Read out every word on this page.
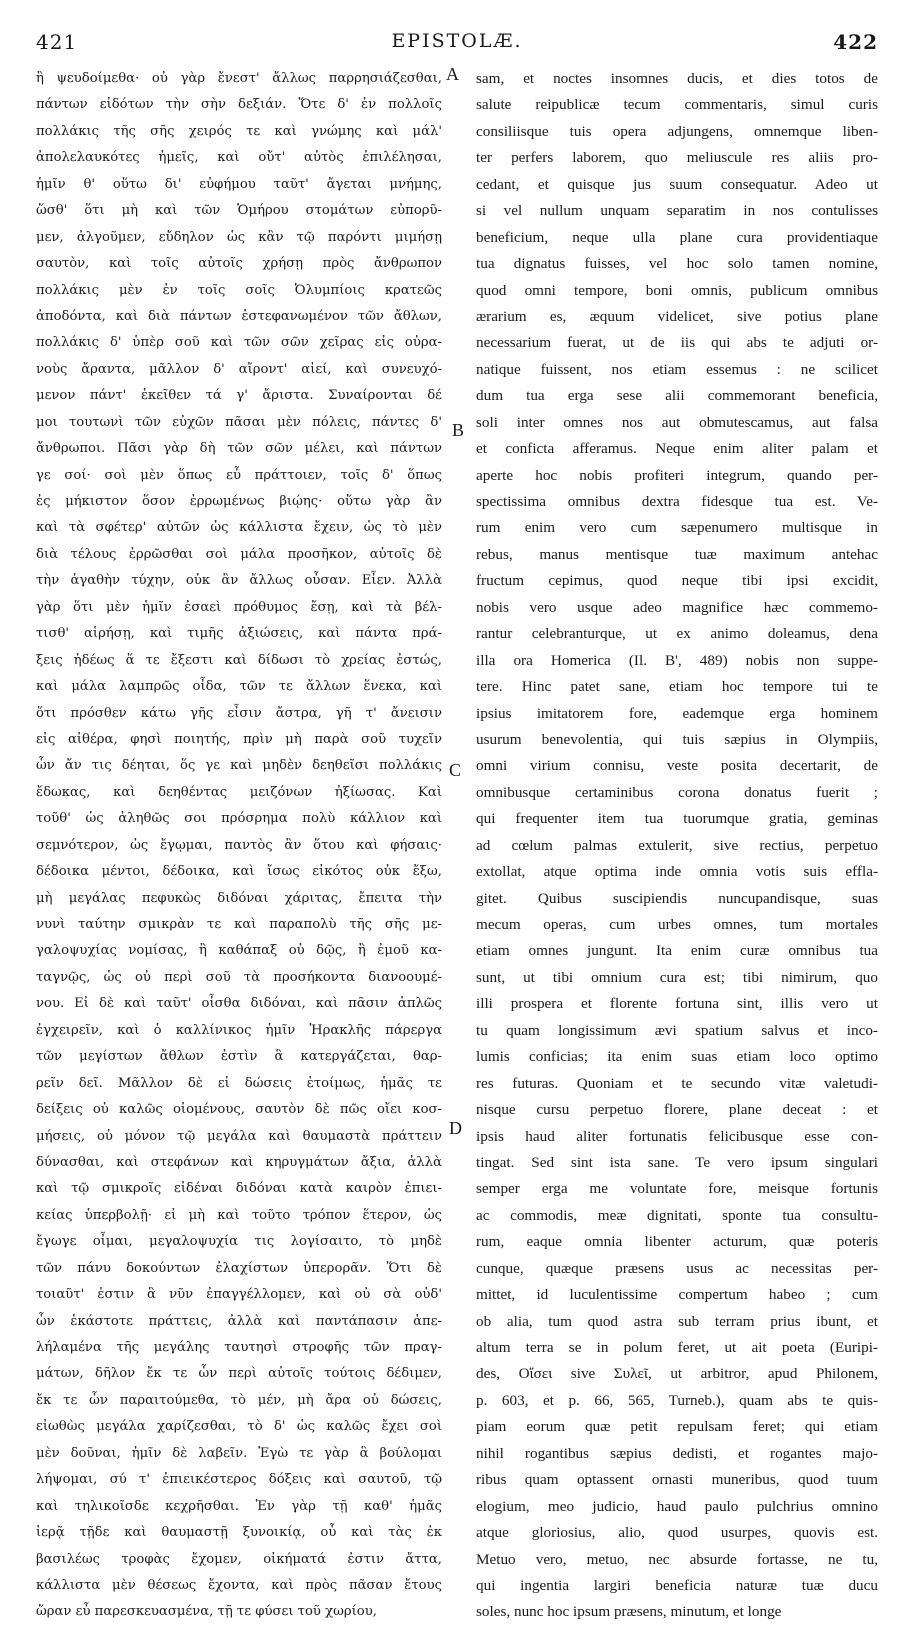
421	EPISTOLÆ.	422
ἢ ψευδοίμεθα· οὐ γὰρ ἔνεστ' ἄλλως παρρησιάζεσθαι,
πάντων εἰδότων τὴν σὴν δεξιάν. Ὅτε δ' ἐν πολλοῖς
πολλάκις τῆς σῆς χειρός τε καὶ γνώμης καὶ μάλ'
ἀπολελαυκότες ἡμεῖς, καὶ οὔτ' αὐτὸς ἐπιλέλησαι,
ἡμῖν θ' οὕτω δι' εὐφήμου ταῦτ' ἄγεται μνήμης,
ὥσθ' ὅτι μὴ καὶ τῶν Ὁμήρου στομάτων εὐπορῦ-
μεν, ἀλγοῦμεν, εὔδηλον ὡς κἂν τῷ παρόντι μιμήσῃ
σαυτὸν, καὶ τοῖς αὐτοῖς χρήσῃ πρὸς ἄνθρωπον
πολλάκις μὲν ἐν τοῖς σοῖς Ὀλυμπίοις κρατεῶς
ἀποδόντα, καὶ διὰ πάντων ἐστεφανωμένον τῶν ἄθλων,
πολλάκις δ' ὑπὲρ σοῦ καὶ τῶν σῶν χεῖρας εἰς οὐρα-
νοὺς ἄραντα, μᾶλλον δ' αἴροντ' αἰεί, καὶ συνευχό-
μενον πάντ' ἐκεῖθεν τά γ' ἄριστα. Συναίρονται δέ
μοι τουτωνὶ τῶν εὐχῶν πᾶσαι μὲν πόλεις, πάντες δ'
ἄνθρωποι. Πᾶσι γὰρ δὴ τῶν σῶν μέλει, καὶ πάντων
γε σοί· σοὶ μὲν ὅπως εὖ πράττοιεν, τοῖς δ' ὅπως
ἐς μήκιστον ὅσον ἐρρωμένως βιῴης· οὕτω γὰρ ἂν
καὶ τὰ σφέτερ' αὐτῶν ὡς κάλλιστα ἔχειν, ὡς τὸ μὲν
διὰ τέλους ἐρρῶσθαι σοὶ μάλα προσῆκον, αὐτοῖς δὲ
τὴν ἀγαθὴν τύχην, οὐκ ἂν ἄλλως οὖσαν. Εἶεν. Ἀλλὰ
γὰρ ὅτι μὲν ἡμῖν ἐσαεὶ πρόθυμος ἔσῃ, καὶ τὰ βέλ-
τισθ' αἱρήσῃ, καὶ τιμῆς ἀξιώσεις, καὶ πάντα πρά-
ξεις ἡδέως ἅ τε ἔξεστι καὶ δίδωσι τὸ χρείας ἐστώς,
καὶ μάλα λαμπρῶς οἶδα, τῶν τε ἄλλων ἕνεκα, καὶ
ὅτι πρόσθεν κάτω γῆς εἶσιν ἄστρα, γῆ τ' ἄνεισιν
εἰς αἰθέρα, φησὶ ποιητής, πρὶν μὴ παρὰ σοῦ τυχεῖν
ὧν ἄν τις δέηται, ὅς γε καὶ μηδὲν δεηθεῖσι πολλάκις
ἔδωκας, καὶ δεηθέντας μειζόνων ἠξίωσας. Καὶ
τοῦθ' ὡς ἀληθῶς σοι πρόσρημα πολὺ κάλλιον καὶ
σεμνότερον, ὡς ἔγῳμαι, παντὸς ἂν ὅτου καὶ φήσαις·
δέδοικα μέντοι, δέδοικα, καὶ ἴσως εἰκότος οὐκ ἔξω,
μὴ μεγάλας πεφυκὼς διδόναι χάριτας, ἔπειτα τὴν
νυνὶ ταύτην σμικρὰν τε καὶ παραπολὺ τῆς σῆς με-
γαλοψυχίας νομίσας, ἢ καθάπαξ οὐ δῷς, ἢ ἐμοῦ κα-
ταγνῷς, ὡς οὐ περὶ σοῦ τὰ προσήκοντα διανοουμέ-
νου. Εἰ δὲ καὶ ταῦτ' οἶσθα διδόναι, καὶ πᾶσιν ἀπλῶς
ἐγχειρεῖν, καὶ ὁ καλλίνικος ἡμῖν Ἡρακλῆς πάρεργα
τῶν μεγίστων ἄθλων ἐστὶν ἃ κατεργάζεται, θαρ-
ρεῖν δεῖ. Μᾶλλον δὲ εἰ δώσεις ἑτοίμως, ἡμᾶς τε
δείξεις οὐ καλῶς οἰομένους, σαυτὸν δὲ πῶς οἴει κοσ-
μήσεις, οὐ μόνον τῷ μεγάλα καὶ θαυμαστὰ πράττειν
δύνασθαι, καὶ στεφάνων καὶ κηρυγμάτων ἄξια, ἀλλὰ
καὶ τῷ σμικροῖς εἰδέναι διδόναι κατὰ καιρὸν ἐπιει-
κείας ὑπερβολῇ· εἰ μὴ καὶ τοῦτο τρόπον ἕτερον, ὡς
ἔγωγε οἶμαι, μεγαλοψυχία τις λογίσαιτο, τὸ μηδὲ
τῶν πάνυ δοκούντων ἐλαχίστων ὑπερορᾶν. Ὅτι δὲ
τοιαῦτ' ἐστιν ἃ νῦν ἐπαγγέλλομεν, καὶ οὐ σὰ οὐδ'
ὧν ἑκάστοτε πράττεις, ἀλλὰ καὶ παντάπασιν ἀπε-
λήλαμένα τῆς μεγάλης ταυτησὶ στροφῆς τῶν πραγ-
μάτων, δῆλον ἔκ τε ὧν περὶ αὐτοῖς τούτοις δέδιμεν,
ἔκ τε ὧν παραιτούμεθα, τὸ μέν, μὴ ἄρα οὐ δώσεις,
εἰωθὼς μεγάλα χαρίζεσθαι, τὸ δ' ὡς καλῶς ἔχει σοὶ
μὲν δοῦναι, ἡμῖν δὲ λαβεῖν. Ἐγὼ τε γὰρ ἃ βούλομαι
λήψομαι, σύ τ' ἐπιεικέστερος δόξεις καὶ σαυτοῦ, τῷ
καὶ τηλικοῖσδε κεχρῆσθαι. Ἐν γὰρ τῇ καθ' ἡμᾶς
ἱερᾷ τῇδε καὶ θαυμαστῇ ξυνοικίᾳ, οὗ καὶ τὰς ἐκ
βασιλέως τροφὰς ἔχομεν, οἰκήματά ἐστιν ἄττα,
κάλλιστα μὲν θέσεως ἔχοντα, καὶ πρὸς πᾶσαν ἔτους
ὥραν εὖ παρεσκευασμένα, τῇ τε φύσει τοῦ χωρίου,
sam, et noctes insomnes ducis, et dies totos de
salute reipublicæ tecum commentaris, simul curis
consiliisque tuis opera adjungens, omnemque liben-
ter perfers laborem, quo meliuscule res aliis pro-
cedant, et quisque jus suum consequatur. Adeo ut
si vel nullum unquam separatim in nos contulisses
beneficium, neque ulla plane cura providentiaque
tua dignatus fuisses, vel hoc solo tamen nomine,
quod omni tempore, boni omnis, publicum omnibus
ærarium es, æquum videlicet, sive potius plane
necessarium fuerat, ut de iis qui abs te adjuti or-
natique fuissent, nos etiam essemus : ne scilicet
dum tua erga sese alii commemorant beneficia,
soli inter omnes nos aut obmutescamus, aut falsa
et conficta afferamus. Neque enim aliter palam et
aperte hoc nobis profiteri integrum, quando per-
spectissima omnibus dextra fidesque tua est. Ve-
rum enim vero cum sæpenumero multisque in
rebus, manus mentisque tuæ maximum antehac
fructum cepimus, quod neque tibi ipsi excidit,
nobis vero usque adeo magnifice hæc commemo-
rantur celebranturque, ut ex animo doleamus, dena
illa ora Homerica (Il. B', 489) nobis non suppe-
tere. Hinc patet sane, etiam hoc tempore tui te
ipsius imitatorem fore, eademque erga hominem
usurum benevolentia, qui tuis sæpius in Olympiis,
omni virium connisu, veste posita decertarit, de
omnibusque certaminibus corona donatus fuerit ;
qui frequenter item tua tuorumque gratia, geminas
ad cœlum palmas extulerit, sive rectius, perpetuo
extollat, atque optima inde omnia votis suis effla-
gitet. Quibus suscipiendis nuncupandisque, suas
mecum operas, cum urbes omnes, tum mortales
etiam omnes jungunt. Ita enim curæ omnibus tua
sunt, ut tibi omnium cura est; tibi nimirum, quo
illi prospera et florente fortuna sint, illis vero ut
tu quam longissimum ævi spatium salvus et inco-
lumis conficias; ita enim suas etiam loco optimo
res futuras. Quoniam et te secundo vitæ valetudi-
nisque cursu perpetuo florere, plane deceat : et
ipsis haud aliter fortunatis felicibusque esse con-
tingat. Sed sint ista sane. Te vero ipsum singulari
semper erga me voluntate fore, meisque fortunis
ac commodis, meæ dignitati, sponte tua consultu-
rum, eaque omnia libenter acturum, quæ poteris
cunque, quæque præsens usus ac necessitas per-
mittet, id luculentissime compertum habeo ; cum
ob alia, tum quod astra sub terram prius ibunt, et
altum terra se in polum feret, ut ait poeta (Euripi-
des, Οἴσει sive Συλεῖ, ut arbitror, apud Philonem,
p. 603, et p. 66, 565, Turneb.), quam abs te quis-
piam eorum quæ petit repulsam feret; qui etiam
nihil rogantibus sæpius dedisti, et rogantes majo-
ribus quam optassent ornasti muneribus, quod tuum
elogium, meo judicio, haud paulo pulchrius omnino
atque gloriosius, alio, quod usurpes, quovis est.
Metuo vero, metuo, nec absurde fortasse, ne tu,
qui ingentia largiri beneficia naturæ tuæ ducu
soles, nunc hoc ipsum præsens, minutum, et longe
A
B
C
D
